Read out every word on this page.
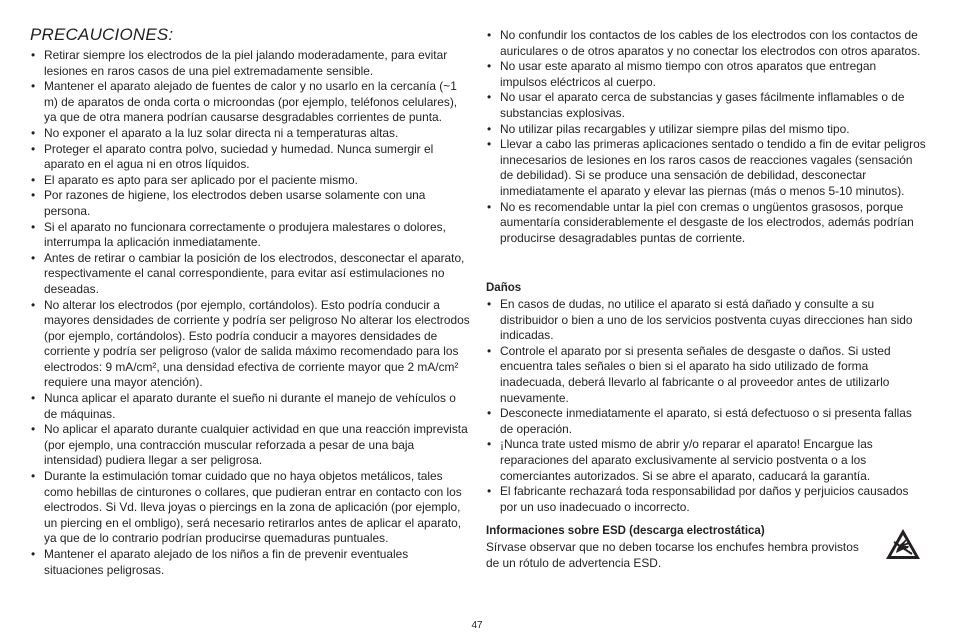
PRECAUCIONES:
• Retirar siempre los electrodos de la piel jalando moderadamente, para evitar lesiones en raros casos de una piel extremadamente sensible.
• Mantener el aparato alejado de fuentes de calor y no usarlo en la cercanía (~1 m) de aparatos de onda corta o microondas (por ejemplo, teléfonos celulares), ya que de otra manera podrían causarse desgradables corrientes de punta.
• No exponer el aparato a la luz solar directa ni a temperaturas altas.
• Proteger el aparato contra polvo, suciedad y humedad. Nunca sumergir el aparato en el agua ni en otros líquidos.
• El aparato es apto para ser aplicado por el paciente mismo.
• Por razones de higiene, los electrodos deben usarse solamente con una persona.
• Si el aparato no funcionara correctamente o produjera malestares o dolores, interrumpa la aplicación inmediatamente.
• Antes de retirar o cambiar la posición de los electrodos, desconectar el aparato, respectivamente el canal correspondiente, para evitar así estimulaciones no deseadas.
• No alterar los electrodos (por ejemplo, cortándolos). Esto podría conducir a mayores densidades de corriente y podría ser peligroso No alterar los electrodos (por ejemplo, cortándolos). Esto podría conducir a mayores densidades de corriente y podría ser peligroso (valor de salida máximo recomendado para los electrodos: 9 mA/cm², una densidad efectiva de corriente mayor que 2 mA/cm² requiere una mayor atención).
• Nunca aplicar el aparato durante el sueño ni durante el manejo de vehículos o de máquinas.
• No aplicar el aparato durante cualquier actividad en que una reacción imprevista (por ejemplo, una contracción muscular reforzada a pesar de una baja intensidad) pudiera llegar a ser peligrosa.
• Durante la estimulación tomar cuidado que no haya objetos metálicos, tales como hebillas de cinturones o collares, que pudieran entrar en contacto con los electrodos. Si Vd. lleva joyas o piercings en la zona de aplicación (por ejemplo, un piercing en el ombligo), será necesario retirarlos antes de aplicar el aparato, ya que de lo contrario podrían producirse quemaduras puntuales.
• Mantener el aparato alejado de los niños a fin de prevenir eventuales situaciones peligrosas.
• No confundir los contactos de los cables de los electrodos con los contactos de auriculares o de otros aparatos y no conectar los electrodos con otros aparatos.
• No usar este aparato al mismo tiempo con otros aparatos que entregan impulsos eléctricos al cuerpo.
• No usar el aparato cerca de substancias y gases fácilmente inflamables o de substancias explosivas.
• No utilizar pilas recargables y utilizar siempre pilas del mismo tipo.
• Llevar a cabo las primeras aplicaciones sentado o tendido a fin de evitar peligros innecesarios de lesiones en los raros casos de reacciones vagales (sensación de debilidad). Si se produce una sensación de debilidad, desconectar inmediatamente el aparato y elevar las piernas (más o menos 5-10 minutos).
• No es recomendable untar la piel con cremas o ungüentos grasosos, porque aumentaría considerablemente el desgaste de los electrodos, además podrían producirse desagradables puntas de corriente.
Daños
• En casos de dudas, no utilice el aparato si está dañado y consulte a su distribuidor o bien a uno de los servicios postventa cuyas direcciones han sido indicadas.
• Controle el aparato por si presenta señales de desgaste o daños. Si usted encuentra tales señales o bien si el aparato ha sido utilizado de forma inadecuada, deberá llevarlo al fabricante o al proveedor antes de utilizarlo nuevamente.
• Desconecte inmediatamente el aparato, si está defectuoso o si presenta fallas de operación.
• ¡Nunca trate usted mismo de abrir y/o reparar el aparato! Encargue las reparaciones del aparato exclusivamente al servicio postventa o a los comerciantes autorizados. Si se abre el aparato, caducará la garantía.
• El fabricante rechazará toda responsabilidad por daños y perjuicios causados por un uso inadecuado o incorrecto.
Informaciones sobre ESD (descarga electrostática)
Sírvase observar que no deben tocarse los enchufes hembra provistos de un rótulo de advertencia ESD.
47
